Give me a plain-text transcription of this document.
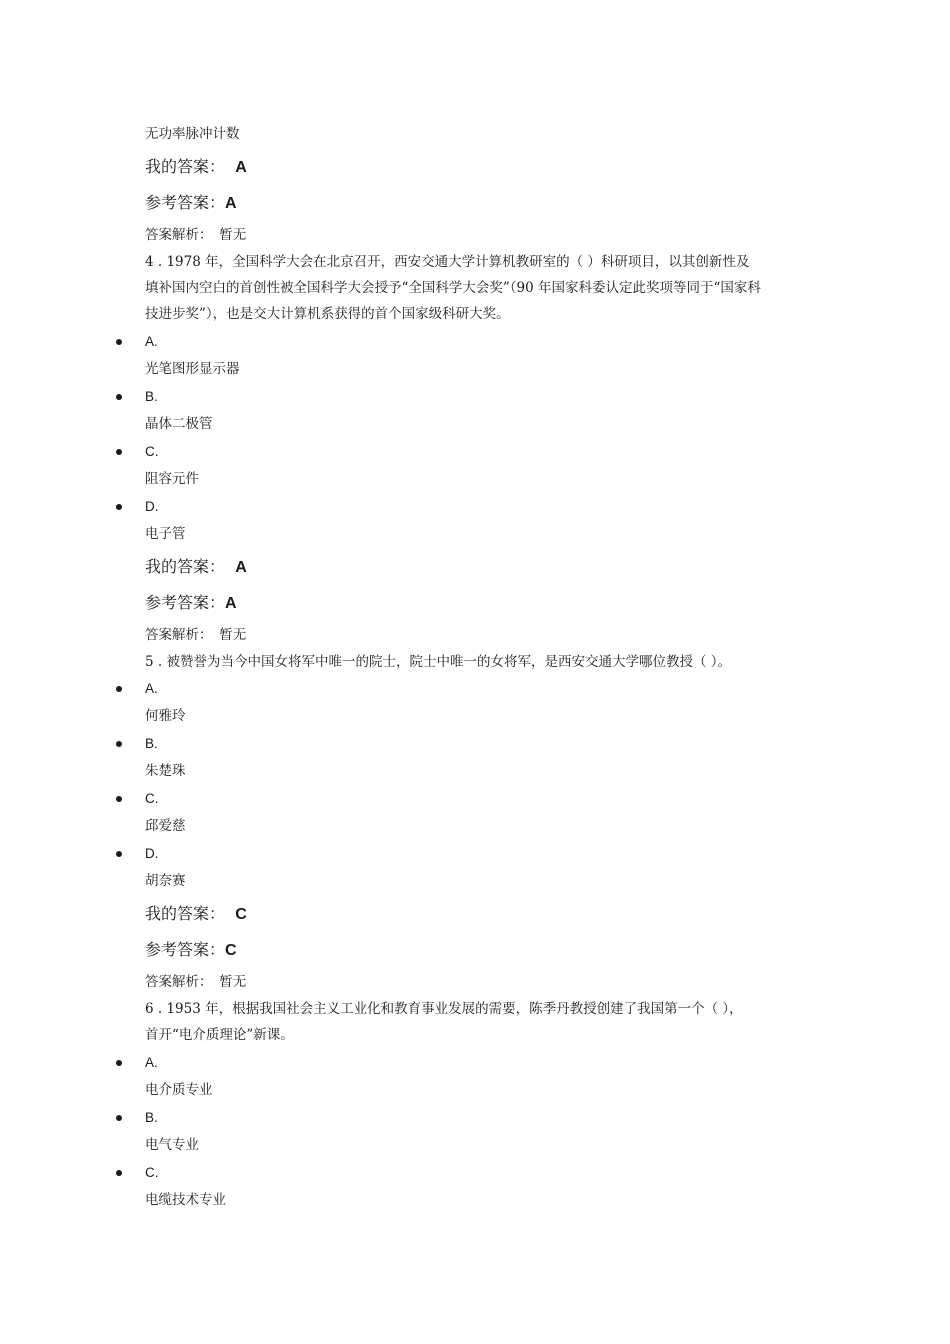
无功率脉冲计数
我的答案： A
参考答案：A
答案解析：　暂无
4 . 1978 年，全国科学大会在北京召开，西安交通大学计算机教研室的（ ）科研项目，以其创新性及
填补国内空白的首创性被全国科学大会授予“全国科学大会奖”（90 年国家科委认定此奖项等同于“国家科
技进步奖”），也是交大计算机系获得的首个国家级科研大奖。
A.
光笔图形显示器
B.
晶体二极管
C.
阻容元件
D.
电子管
我的答案： A
参考答案：A
答案解析：　暂无
5 . 被赞誉为当今中国女将军中唯一的院士，院士中唯一的女将军，是西安交通大学哪位教授（ ）。
A.
何雅玲
B.
朱楚珠
C.
邱爱慈
D.
胡奈赛
我的答案： C
参考答案：C
答案解析：　暂无
6 . 1953 年，根据我国社会主义工业化和教育事业发展的需要，陈季丹教授创建了我国第一个（ ），
首开“电介质理论”新课。
A.
电介质专业
B.
电气专业
C.
电缆技术专业
